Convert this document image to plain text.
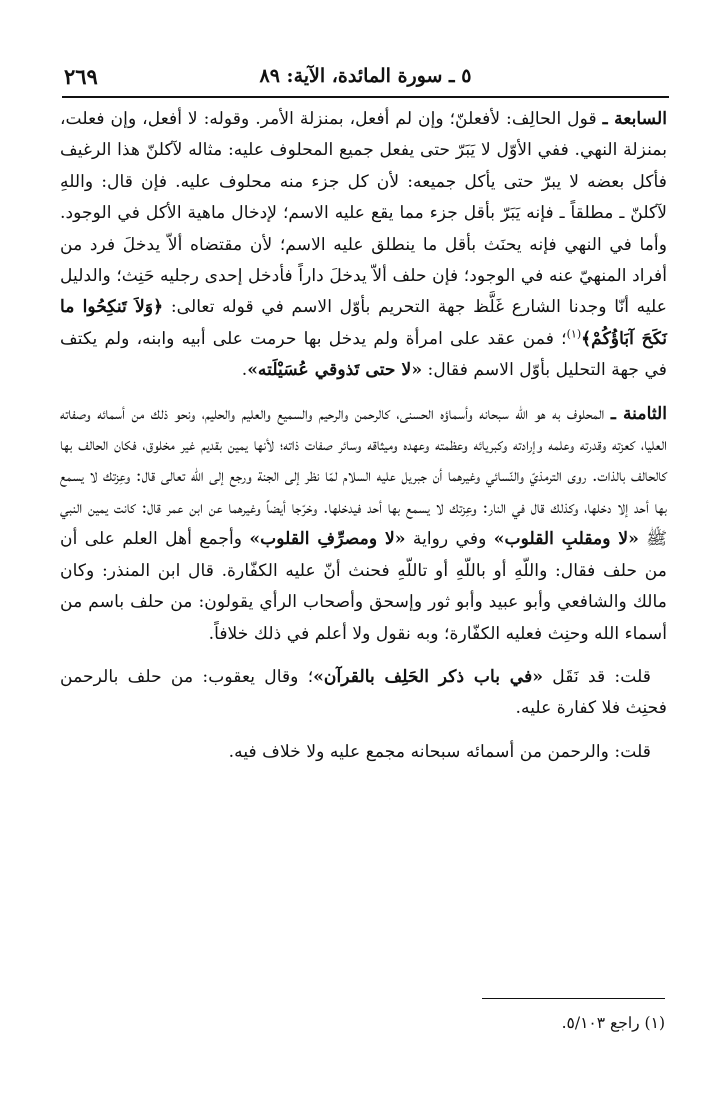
٢٦٩	٥ ـ سورة المائدة، الآية: ٨٩

السابعة ـ قول الحالِف: لأفعلنّ؛ وإن لم أفعل، بمنزلة الأمر. وقوله: لا أفعل، وإن فعلت، بمنزلة النهي. ففي الأوّل لا يَبَرّ حتى يفعل جميع المحلوف عليه: مثاله لآكلنّ هذا الرغيف فأكل بعضه لا يبرّ حتى يأكل جميعه: لأن كل جزء منه محلوف عليه. فإن قال: واللهِ لآكلنّ ـ مطلقاً ـ فإنه يَبَرّ بأقل جزء مما يقع عليه الاسم؛ لإدخال ماهية الأكل في الوجود. وأما في النهي فإنه يحنَث بأقل ما ينطلق عليه الاسم؛ لأن مقتضاه ألاّ يدخلَ فرد من أفراد المنهيّ عنه في الوجود؛ فإن حلف ألاّ يدخلَ داراً فأدخل إحدى رجليه حَنِث؛ والدليل عليه أنّا وجدنا الشارع غَلَّظ جهة التحريم بأوّل الاسم في قوله تعالى: ﴿وَلاَ تَنكِحُوا ما نَكَحَ آبَاؤُكُمْ﴾$^{(١)}$؛ فمن عقد على امرأة ولم يدخل بها حرمت على أبيه وابنه، ولم يكتف في جهة التحليل بأوّل الاسم فقال: «لا حتى تَذوقي عُسَيْلَته».

الثامنة ـ المحلوف به هو الله سبحانه وأسماؤه الحسنى، كالرحمن والرحيم والسميع والعليم والحليم، ونحو ذلك من أسمائه وصفاته العليا، كعزته وقدرته وعلمه وإرادته وكبريائه وعظمته وعهده وميثاقه وسائر صفات ذاته؛ لأنها يمين بقديم غير مخلوق، فكان الحالف بها كالحالف بالذات. روى الترمذيّ والنّسائي وغيرهما أن جبريل عليه السلام لمّا نظر إلى الجنة ورجع إلى الله تعالى قال: وعِزتك لا يسمع بها أحد إلا دخلها، وكذلك قال في النار: وعِزتك لا يسمع بها أحد فيدخلها. وخرّجا أيضاً وغيرهما عن ابن عمر قال: كانت يمين النبي ﷺ «لا ومقلبِ القلوب» وفي رواية «لا ومصرِّفِ القلوب» وأجمع أهل العلم على أن من حلف فقال: واللّهِ أو باللّهِ أو تاللّهِ فحنث أنّ عليه الكفّارة. قال ابن المنذر: وكان مالك والشافعي وأبو عبيد وأبو ثور وإسحق وأصحاب الرأي يقولون: من حلف باسم من أسماء الله وحنِث فعليه الكفّارة؛ وبه نقول ولا أعلم في ذلك خلافاً.

قلت: قد نَقَل «في باب ذكر الحَلِف بالقرآن»؛ وقال يعقوب: من حلف بالرحمن فحنِث فلا كفارة عليه.

قلت: والرحمن من أسمائه سبحانه مجمع عليه ولا خلاف فيه.

(١) راجع ٥/١٠٣.
